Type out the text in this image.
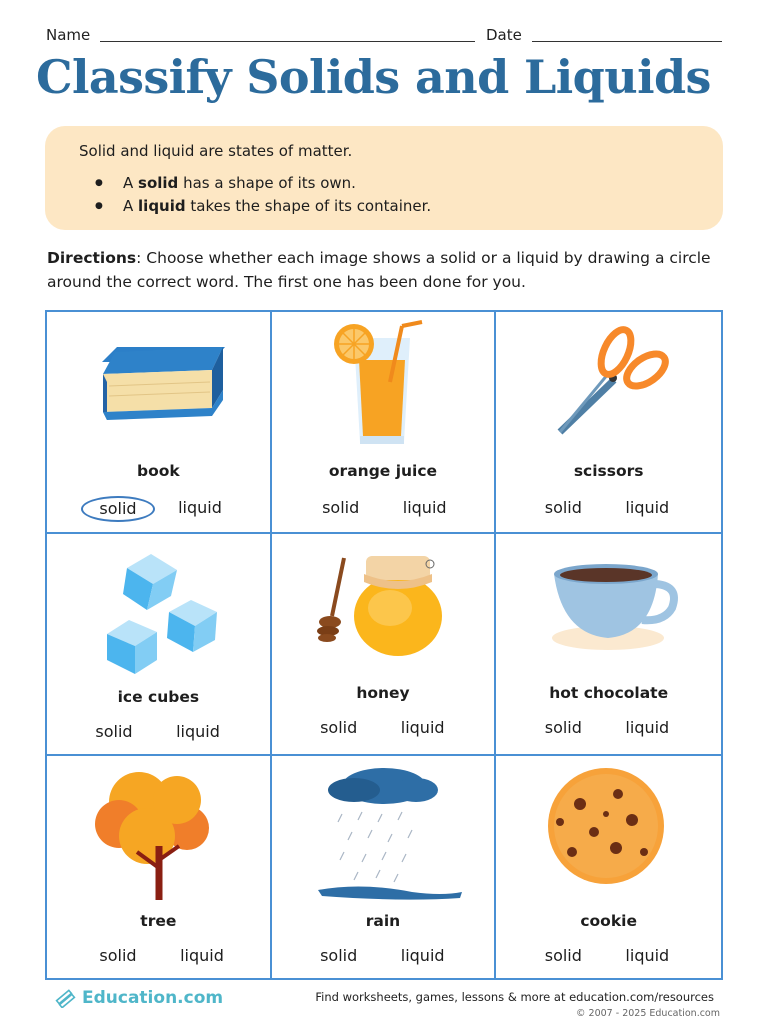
Name	Date
Classify Solids and Liquids
Solid and liquid are states of matter.
● A solid has a shape of its own.
● A liquid takes the shape of its container.
Directions: Choose whether each image shows a solid or a liquid by drawing a circle around the correct word. The first one has been done for you.
book
solid	liquid
orange juice
solid	liquid
scissors
solid	liquid
ice cubes
solid	liquid
honey
solid	liquid
hot chocolate
solid	liquid
tree
solid	liquid
rain
solid	liquid
cookie
solid	liquid
Education.com	Find worksheets, games, lessons & more at education.com/resources
© 2007 - 2025 Education.com
